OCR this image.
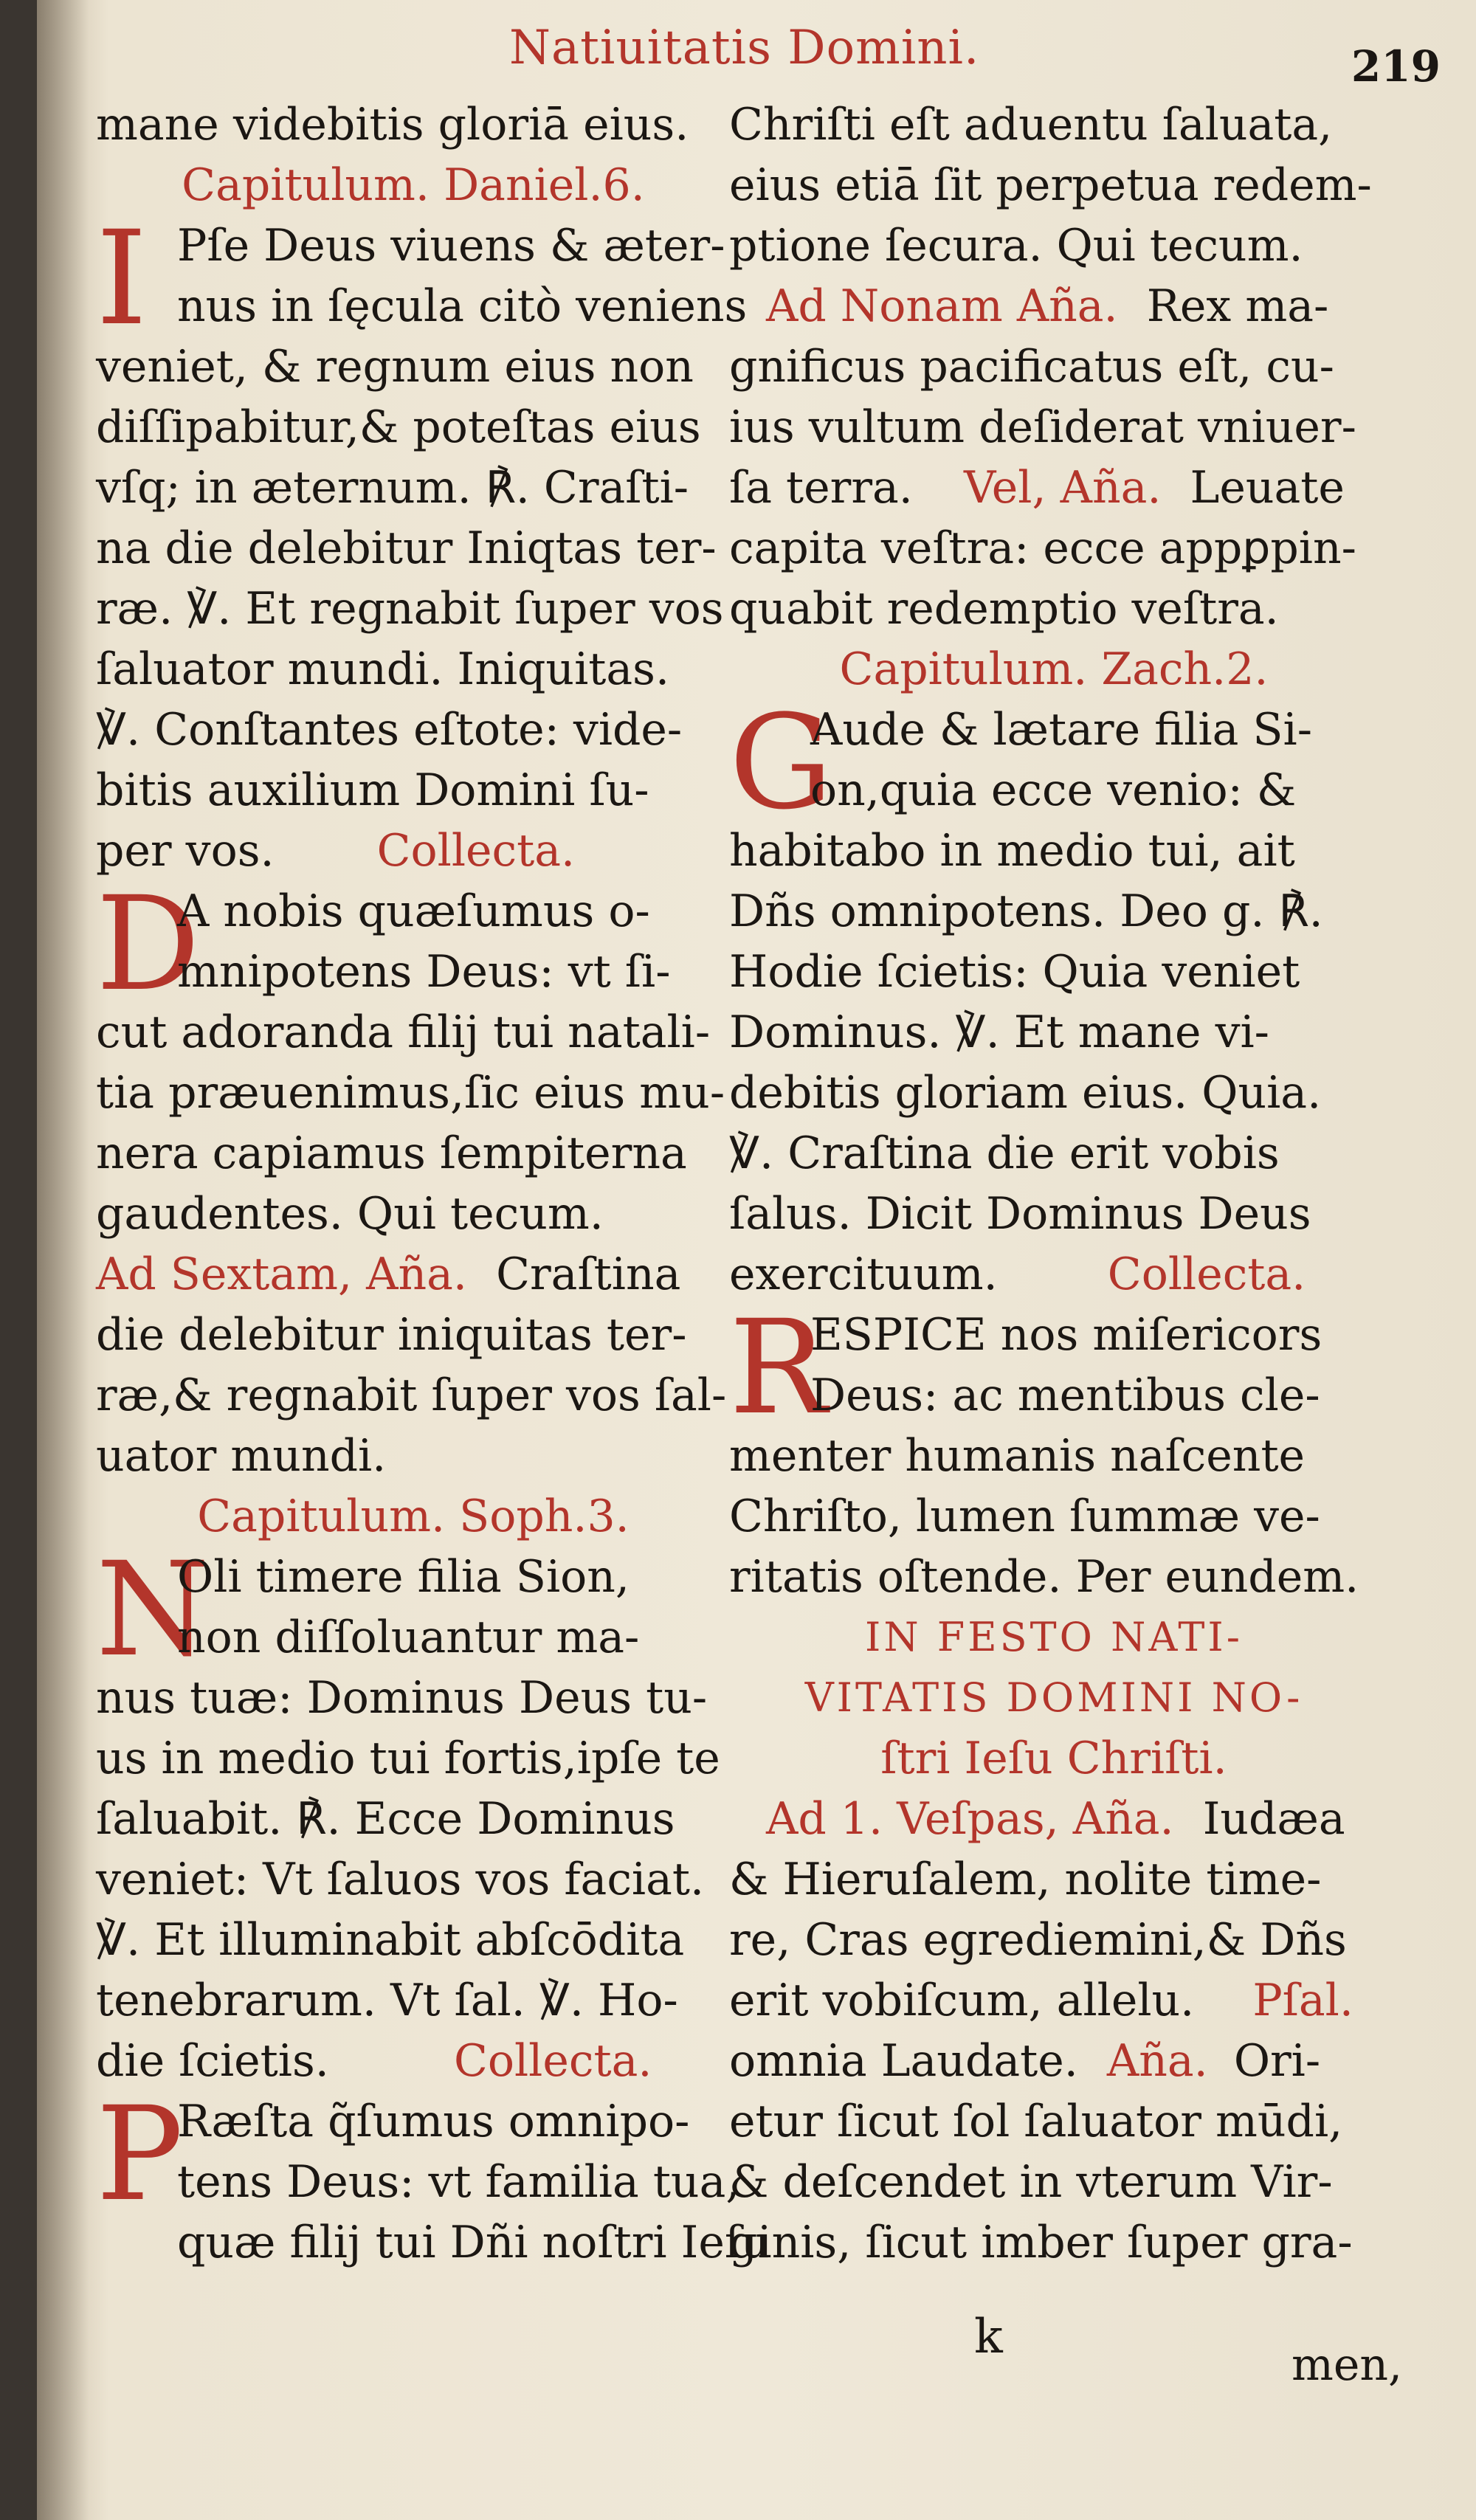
Natiuitatis Domini.	219
mane videbitis gloriā eius.
Capitulum. Daniel.6.
I Pſe Deus viuens & æter-
nus in ſęcula citò veniens
veniet, & regnum eius non
diſſipabitur,& poteſtas eius
vſq; in æternum. ℟. Craſti-
na die delebitur Iniqtas ter-
ræ. ℣. Et regnabit ſuper vos
ſaluator mundi. Iniquitas.
℣. Conſtantes eſtote: vide-
bitis auxilium Domini ſu-
per vos. Collecta.
D
A nobis quæſumus o-
mnipotens Deus: vt ſi-
cut adoranda filij tui natali-
tia præuenimus,ſic eius mu-
nera capiamus ſempiterna
gaudentes. Qui tecum.
Ad Sextam, Aña. Craſtina
die delebitur iniquitas ter-
ræ,& regnabit ſuper vos ſal-
uator mundi.
Capitulum. Soph.3.
N
Oli timere filia Sion,
non diſſoluantur ma-
nus tuæ: Dominus Deus tu-
us in medio tui fortis,ipſe te
ſaluabit. ℟. Ecce Dominus
veniet: Vt ſaluos vos faciat.
℣. Et illuminabit abſcōdita
tenebrarum. Vt ſal. ℣. Ho-
die ſcietis.	Collecta.
P
Ræſta q̃ſumus omnipo-
tens Deus: vt familia tua,
quæ filij tui Dñi noſtri Ieſu
Chriſti eſt aduentu ſaluata,
eius etiā ſit perpetua redem-
ptione ſecura. Qui tecum.
Ad Nonam Aña. Rex ma-
gnificus pacificatus eſt, cu-
ius vultum deſiderat vniuer-
ſa terra. Vel, Aña. Leuate
capita veſtra: ecce appꝑpin-
quabit redemptio veſtra.
Capitulum. Zach.2.
G
Aude & lætare filia Si-
on,quia ecce venio: &
habitabo in medio tui, ait
Dñs omnipotens. Deo g. ℟.
Hodie ſcietis: Quia veniet
Dominus. ℣. Et mane vi-
debitis gloriam eius. Quia.
℣. Craſtina die erit vobis
ſalus. Dicit Dominus Deus
exercituum. Collecta.
R
ESPICE nos miſericors
Deus: ac mentibus cle-
menter humanis naſcente
Chriſto, lumen ſummæ ve-
ritatis oſtende. Per eundem.
IN FESTO NATI-
VITATIS DOMINI NO-
ſtri Ieſu Chriſti.
Ad 1. Veſpas, Aña. Iudæa
& Hieruſalem, nolite time-
re, Cras egrediemini,& Dñs
erit vobiſcum, allelu. Pſal.
omnia Laudate. Aña. Ori-
etur ſicut ſol ſaluator mūdi,
& deſcendet in vterum Vir-
ginis, ſicut imber ſuper gra-
k
men,
